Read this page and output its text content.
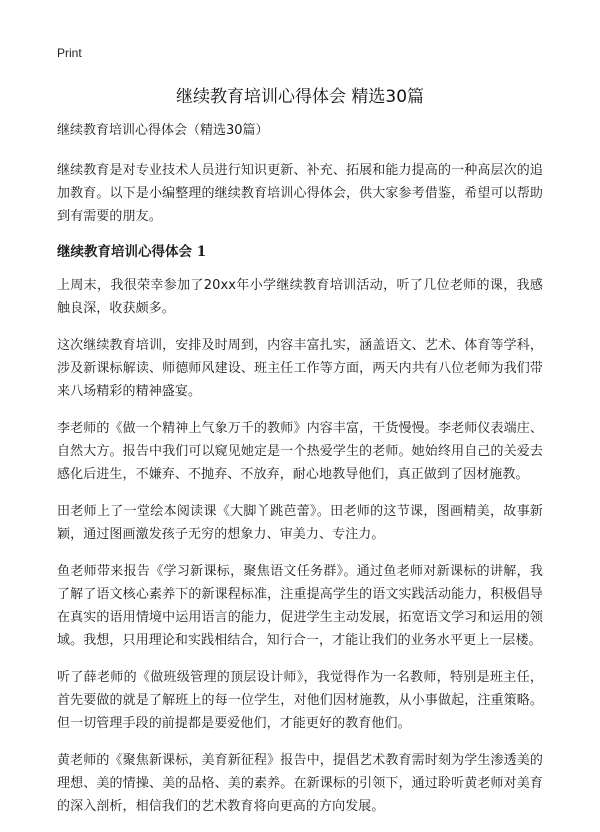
Print
继续教育培训心得体会 精选30篇
继续教育培训心得体会（精选30篇）

继续教育是对专业技术人员进行知识更新、补充、拓展和能力提高的一种高层次的追加教育。以下是小编整理的继续教育培训心得体会，供大家参考借鉴，希望可以帮助到有需要的朋友。

继续教育培训心得体会 1

上周末，我很荣幸参加了20xx年小学继续教育培训活动，听了几位老师的课，我感触良深，收获颇多。

这次继续教育培训，安排及时周到，内容丰富扎实，涵盖语文、艺术、体育等学科，涉及新课标解读、师德师风建设、班主任工作等方面，两天内共有八位老师为我们带来八场精彩的精神盛宴。

李老师的《做一个精神上气象万千的教师》内容丰富，干货慢慢。李老师仪表端庄、自然大方。报告中我们可以窥见她定是一个热爱学生的老师。她始终用自己的关爱去感化后进生，不嫌弃、不抛弃、不放弃，耐心地教导他们，真正做到了因材施教。

田老师上了一堂绘本阅读课《大脚丫跳芭蕾》。田老师的这节课，图画精美，故事新颖，通过图画激发孩子无穷的想象力、审美力、专注力。

鱼老师带来报告《学习新课标，聚焦语文任务群》。通过鱼老师对新课标的讲解，我了解了语文核心素养下的新课程标准，注重提高学生的语文实践活动能力，积极倡导在真实的语用情境中运用语言的能力，促进学生主动发展，拓宽语文学习和运用的领域。我想，只用理论和实践相结合，知行合一，才能让我们的业务水平更上一层楼。

听了薛老师的《做班级管理的顶层设计师》，我觉得作为一名教师，特别是班主任，首先要做的就是了解班上的每一位学生，对他们因材施教，从小事做起，注重策略。但一切管理手段的前提都是要爱他们，才能更好的教育他们。

黄老师的《聚焦新课标，美育新征程》报告中，提倡艺术教育需时刻为学生渗透美的理想、美的情操、美的品格、美的素养。在新课标的引领下，通过聆听黄老师对美育的深入剖析，相信我们的艺术教育将向更高的方向发展。
